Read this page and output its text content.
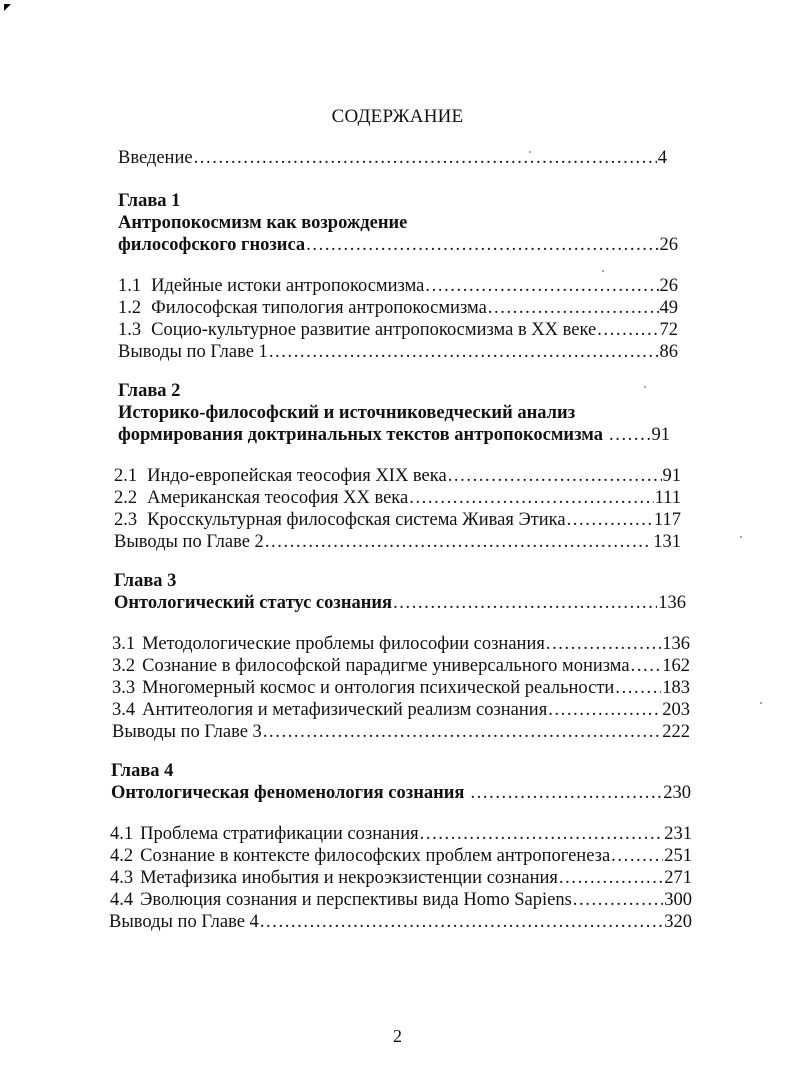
СОДЕРЖАНИЕ
Введение .....	4
Глава 1
Антропокосмизм как возрождение
философского гнозиса .....	26
1.1 Идейные истоки антропокосмизма .....	26
1.2 Философская типология антропокосмизма .....	49
1.3 Социо-культурное развитие антропокосмизма в XX веке .....	72
Выводы по Главе 1 .....	86
Глава 2
Историко-философский и источниковедческий анализ
формирования доктринальных текстов антропокосмизма .....	91
2.1 Индо-европейская теософия XIX века .....	91
2.2 Американская теософия XX века .....	111
2.3 Кросскультурная философская система Живая Этика .....	117
Выводы по Главе 2 .....	131
Глава 3
Онтологический статус сознания .....	136
3.1 Методологические проблемы философии сознания .....	136
3.2 Сознание в философской парадигме универсального монизма ..... 162
3.3 Многомерный космос и онтология психической реальности .....	183
3.4 Антитеология и метафизический реализм сознания .....	203
Выводы по Главе 3 .....	222
Глава 4
Онтологическая феноменология сознания .....	230
4.1 Проблема стратификации сознания .....	231
4.2 Сознание в контексте философских проблем антропогенеза .....	251
4.3 Метафизика инобытия и некроэкзистенции сознания .....	271
4.4 Эволюция сознания и перспективы вида Homo Sapiens .....	300
Выводы по Главе 4 .....	320
2
